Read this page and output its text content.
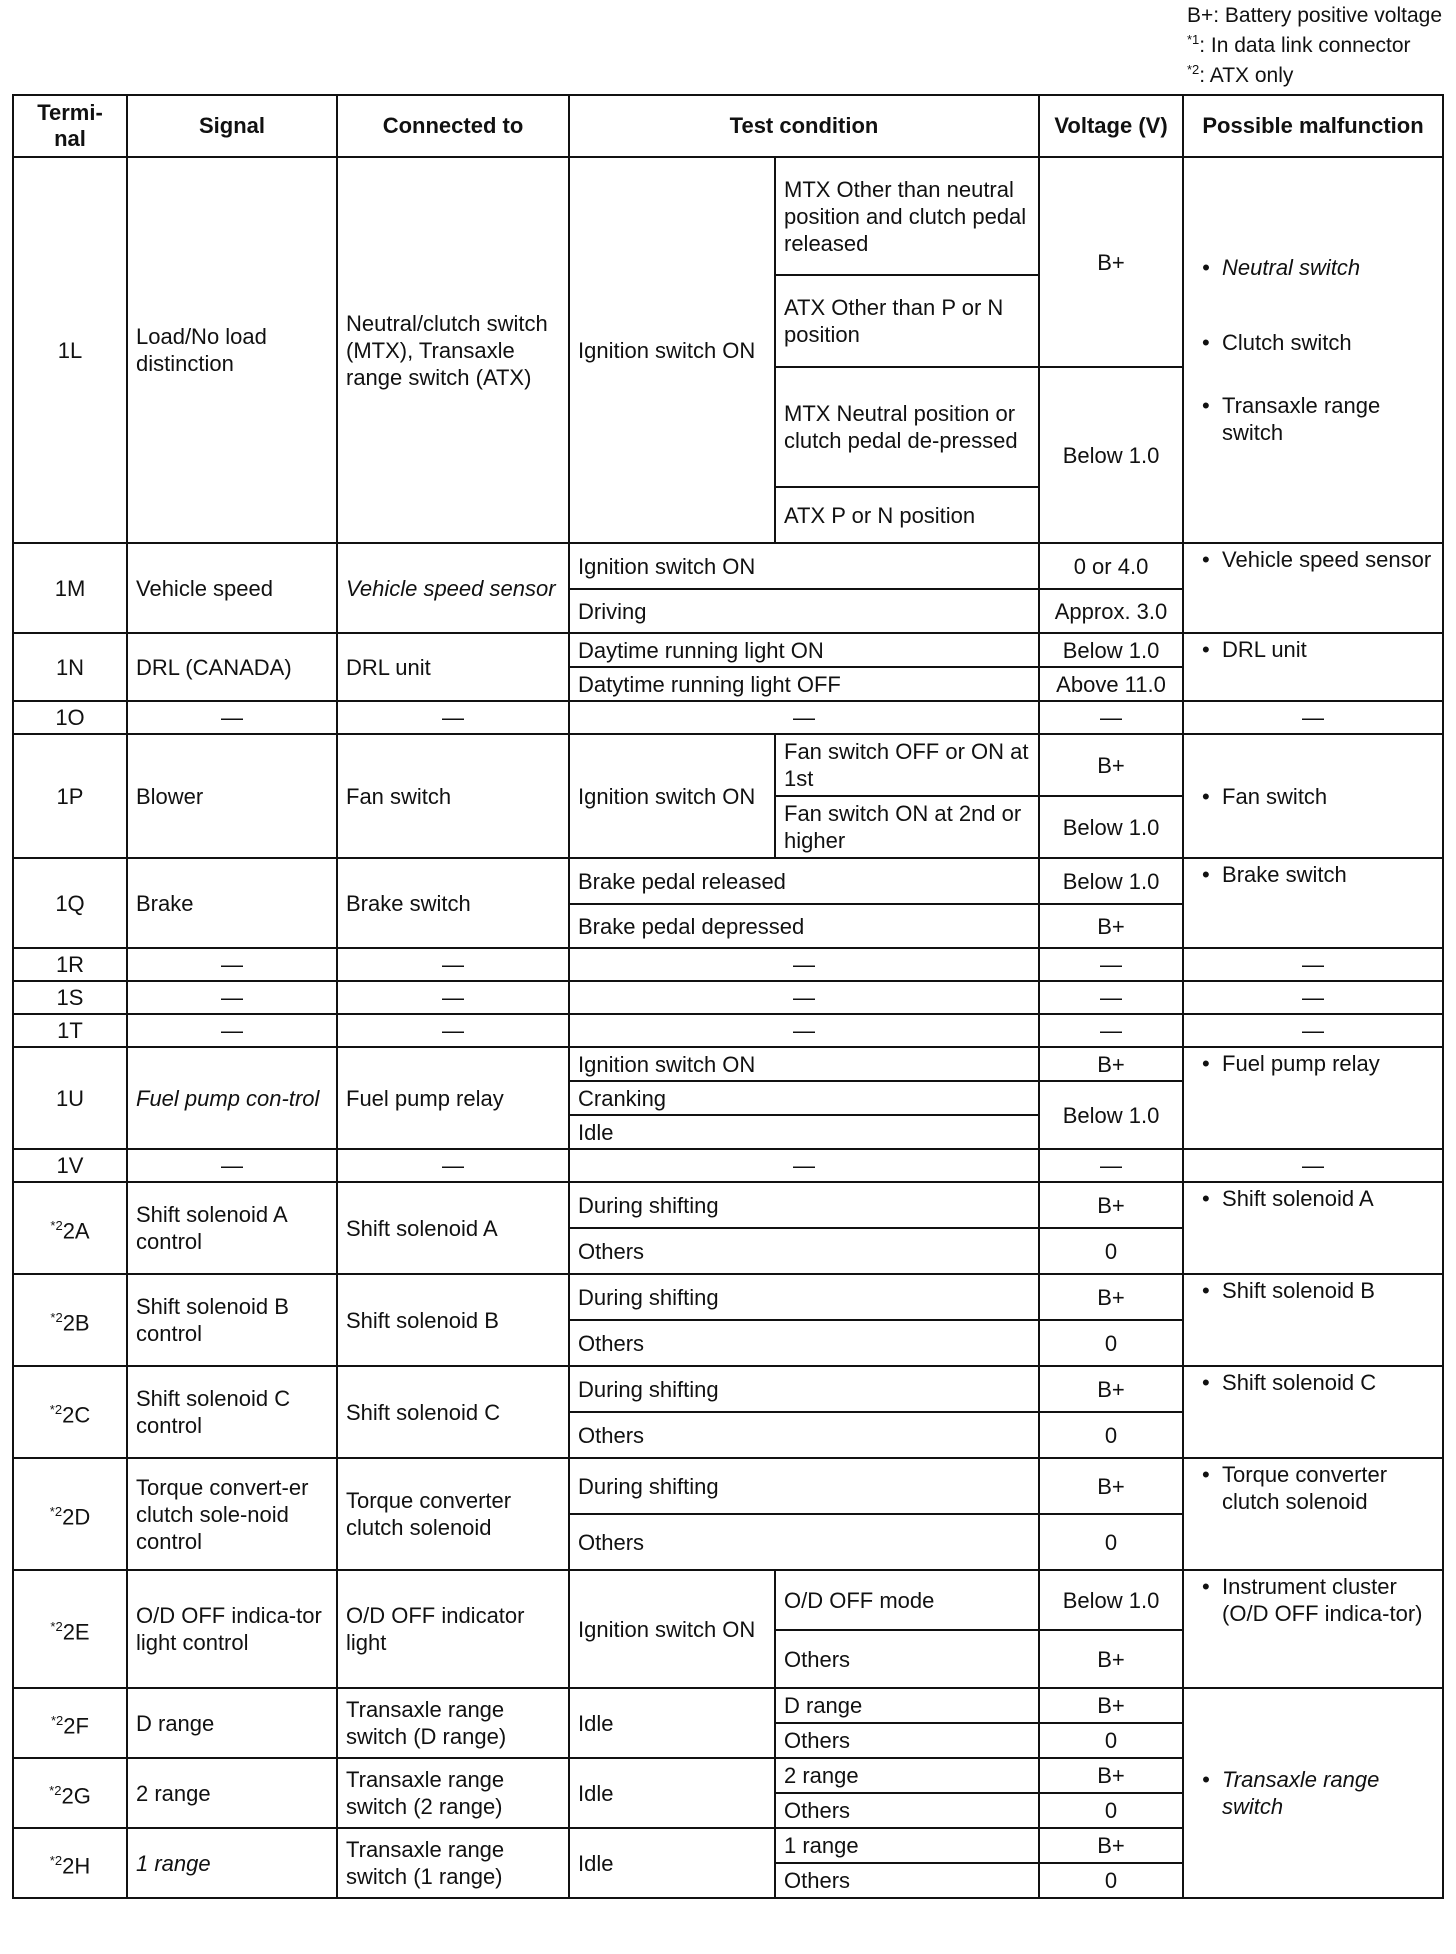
B+: Battery positive voltage
$^{*1}$: In data link connector
$^{*2}$: ATX only
Termi-nal	Signal	Connected to	Test condition		Voltage (V)	Possible malfunction
1L	Load/No load distinction	Neutral/clutch switch (MTX), Transaxle range switch (ATX)	Ignition switch ON	MTX Other than neutral position and clutch pedal released	B+	• Neutral switch
• Clutch switch
• Transaxle range switch

				ATX Other than P or N position		
				MTX Neutral position or clutch pedal de-pressed	Below 1.0	
				ATX P or N position		
1M	Vehicle speed	Vehicle speed sensor	Ignition switch ON		0 or 4.0	• Vehicle speed sensor

			Driving		Approx. 3.0	
1N	DRL (CANADA)	DRL unit	Daytime running light ON		Below 1.0	• DRL unit

			Datytime running light OFF		Above 11.0	
1O	—	—	—		—	—
1P	Blower	Fan switch	Ignition switch ON	Fan switch OFF or ON at 1st	B+	• Fan switch

				Fan switch ON at 2nd or higher	Below 1.0	
1Q	Brake	Brake switch	Brake pedal released		Below 1.0	• Brake switch

			Brake pedal depressed		B+	
1R	—	—	—		—	—
1S	—	—	—		—	—
1T	—	—	—		—	—
1U	Fuel pump con-trol	Fuel pump relay	Ignition switch ON		B+	• Fuel pump relay

			Cranking		Below 1.0	
			Idle			
1V	—	—	—		—	—
$^{*2}$2A	Shift solenoid A control	Shift solenoid A	During shifting		B+	• Shift solenoid A

			Others		0	
$^{*2}$2B	Shift solenoid B control	Shift solenoid B	During shifting		B+	• Shift solenoid B

			Others		0	
$^{*2}$2C	Shift solenoid C control	Shift solenoid C	During shifting		B+	• Shift solenoid C

			Others		0	
$^{*2}$2D	Torque convert-er clutch sole-noid control	Torque converter clutch solenoid	During shifting		B+	• Torque converter clutch solenoid

			Others		0	
$^{*2}$2E	O/D OFF indica-tor light control	O/D OFF indicator light	Ignition switch ON	O/D OFF mode	Below 1.0	• Instrument cluster (O/D OFF indica-tor)

				Others	B+	
$^{*2}$2F	D range	Transaxle range switch (D range)	Idle	D range	B+	• Transaxle range switch

				Others	0	
$^{*2}$2G	2 range	Transaxle range switch (2 range)	Idle	2 range	B+	
				Others	0	
$^{*2}$2H	1 range	Transaxle range switch (1 range)	Idle	1 range	B+	
				Others	0	
